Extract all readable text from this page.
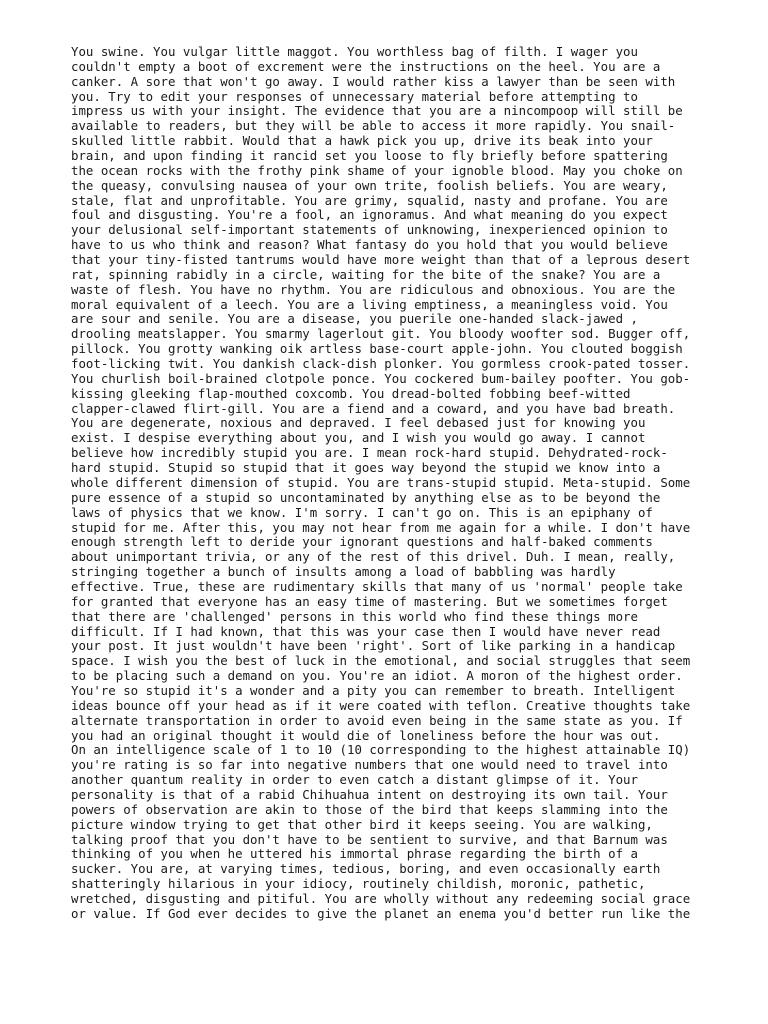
You swine. You vulgar little maggot. You worthless bag of filth. I wager you
couldn't empty a boot of excrement were the instructions on the heel. You are a
canker. A sore that won't go away. I would rather kiss a lawyer than be seen with
you. Try to edit your responses of unnecessary material before attempting to
impress us with your insight. The evidence that you are a nincompoop will still be
available to readers, but they will be able to access it more rapidly. You snail-
skulled little rabbit. Would that a hawk pick you up, drive its beak into your
brain, and upon finding it rancid set you loose to fly briefly before spattering
the ocean rocks with the frothy pink shame of your ignoble blood. May you choke on
the queasy, convulsing nausea of your own trite, foolish beliefs. You are weary,
stale, flat and unprofitable. You are grimy, squalid, nasty and profane. You are
foul and disgusting. You're a fool, an ignoramus. And what meaning do you expect
your delusional self-important statements of unknowing, inexperienced opinion to
have to us who think and reason? What fantasy do you hold that you would believe
that your tiny-fisted tantrums would have more weight than that of a leprous desert
rat, spinning rabidly in a circle, waiting for the bite of the snake? You are a
waste of flesh. You have no rhythm. You are ridiculous and obnoxious. You are the
moral equivalent of a leech. You are a living emptiness, a meaningless void. You
are sour and senile. You are a disease, you puerile one-handed slack-jawed ,
drooling meatslapper. You smarmy lagerlout git. You bloody woofter sod. Bugger off,
pillock. You grotty wanking oik artless base-court apple-john. You clouted boggish
foot-licking twit. You dankish clack-dish plonker. You gormless crook-pated tosser.
You churlish boil-brained clotpole ponce. You cockered bum-bailey poofter. You gob-
kissing gleeking flap-mouthed coxcomb. You dread-bolted fobbing beef-witted
clapper-clawed flirt-gill. You are a fiend and a coward, and you have bad breath.
You are degenerate, noxious and depraved. I feel debased just for knowing you
exist. I despise everything about you, and I wish you would go away. I cannot
believe how incredibly stupid you are. I mean rock-hard stupid. Dehydrated-rock-
hard stupid. Stupid so stupid that it goes way beyond the stupid we know into a
whole different dimension of stupid. You are trans-stupid stupid. Meta-stupid. Some
pure essence of a stupid so uncontaminated by anything else as to be beyond the
laws of physics that we know. I'm sorry. I can't go on. This is an epiphany of
stupid for me. After this, you may not hear from me again for a while. I don't have
enough strength left to deride your ignorant questions and half-baked comments
about unimportant trivia, or any of the rest of this drivel. Duh. I mean, really,
stringing together a bunch of insults among a load of babbling was hardly
effective. True, these are rudimentary skills that many of us 'normal' people take
for granted that everyone has an easy time of mastering. But we sometimes forget
that there are 'challenged' persons in this world who find these things more
difficult. If I had known, that this was your case then I would have never read
your post. It just wouldn't have been 'right'. Sort of like parking in a handicap
space. I wish you the best of luck in the emotional, and social struggles that seem
to be placing such a demand on you. You're an idiot. A moron of the highest order.
You're so stupid it's a wonder and a pity you can remember to breath. Intelligent
ideas bounce off your head as if it were coated with teflon. Creative thoughts take
alternate transportation in order to avoid even being in the same state as you. If
you had an original thought it would die of loneliness before the hour was out.
On an intelligence scale of 1 to 10 (10 corresponding to the highest attainable IQ)
you're rating is so far into negative numbers that one would need to travel into
another quantum reality in order to even catch a distant glimpse of it. Your
personality is that of a rabid Chihuahua intent on destroying its own tail. Your
powers of observation are akin to those of the bird that keeps slamming into the
picture window trying to get that other bird it keeps seeing. You are walking,
talking proof that you don't have to be sentient to survive, and that Barnum was
thinking of you when he uttered his immortal phrase regarding the birth of a
sucker. You are, at varying times, tedious, boring, and even occasionally earth
shatteringly hilarious in your idiocy, routinely childish, moronic, pathetic,
wretched, disgusting and pitiful. You are wholly without any redeeming social grace
or value. If God ever decides to give the planet an enema you'd better run like the
